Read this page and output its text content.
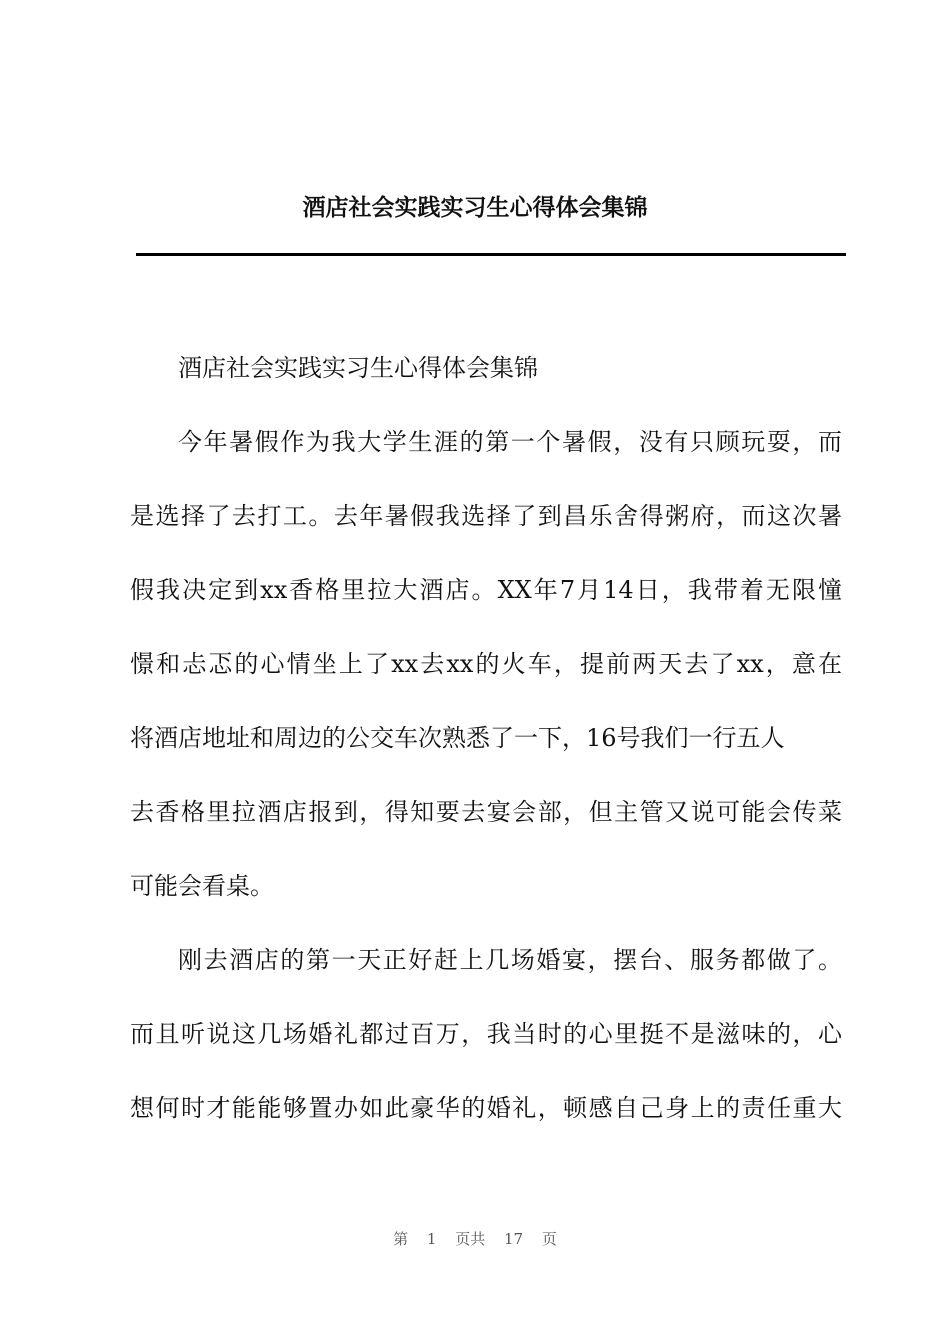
酒店社会实践实习生心得体会集锦
酒店社会实践实习生心得体会集锦
今年暑假作为我大学生涯的第一个暑假，没有只顾玩耍，而
是选择了去打工。去年暑假我选择了到昌乐舍得粥府，而这次暑
假我决定到xx香格里拉大酒店。XX年7月14日，我带着无限憧
憬和忐忑的心情坐上了xx去xx的火车，提前两天去了xx，意在
将酒店地址和周边的公交车次熟悉了一下，16号我们一行五人
去香格里拉酒店报到，得知要去宴会部，但主管又说可能会传菜
可能会看桌。
刚去酒店的第一天正好赶上几场婚宴，摆台、服务都做了。
而且听说这几场婚礼都过百万，我当时的心里挺不是滋味的，心
想何时才能能够置办如此豪华的婚礼，顿感自己身上的责任重大
第 1 页共 17 页
